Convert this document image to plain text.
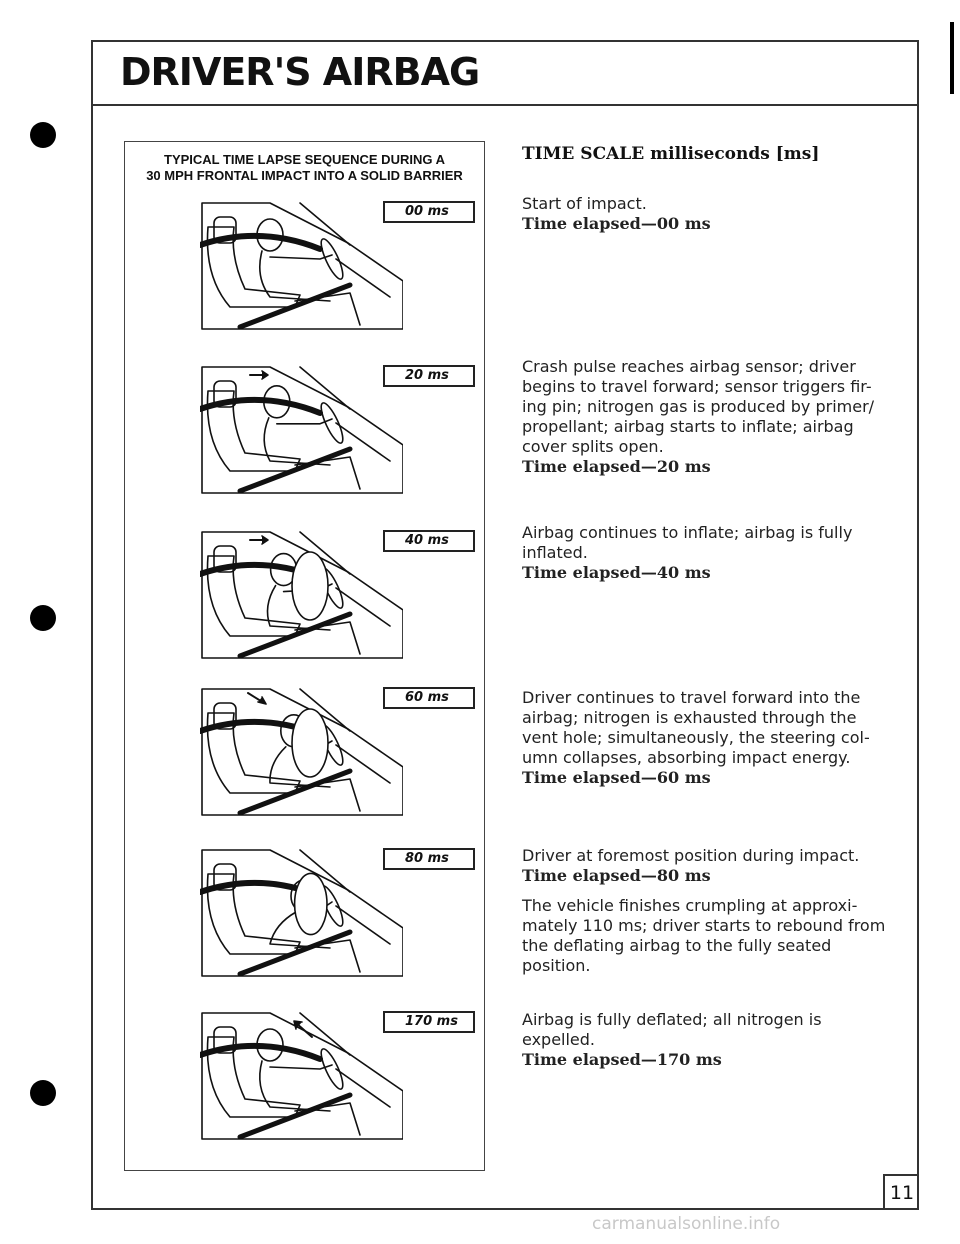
DRIVER'S AIRBAG
TYPICAL TIME LAPSE SEQUENCE DURING A
30 MPH FRONTAL IMPACT INTO A SOLID BARRIER
00 ms
20 ms
40 ms
60 ms
80 ms
170 ms
TIME SCALE milliseconds [ms]
Start of impact.
Time elapsed—00 ms
Crash pulse reaches airbag sensor; driver begins to travel forward; sensor triggers fir-ing pin; nitrogen gas is produced by primer/ propellant; airbag starts to inflate; airbag cover splits open.
Time elapsed—20 ms
Airbag continues to inflate; airbag is fully inflated.
Time elapsed—40 ms
Driver continues to travel forward into the airbag; nitrogen is exhausted through the vent hole; simultaneously, the steering col-umn collapses, absorbing impact energy.
Time elapsed—60 ms
Driver at foremost position during impact.
Time elapsed—80 ms
The vehicle finishes crumpling at approxi-mately 110 ms; driver starts to rebound from the deflating airbag to the fully seated position.
Airbag is fully deflated; all nitrogen is expelled.
Time elapsed—170 ms
11
carmanualsonline.info
